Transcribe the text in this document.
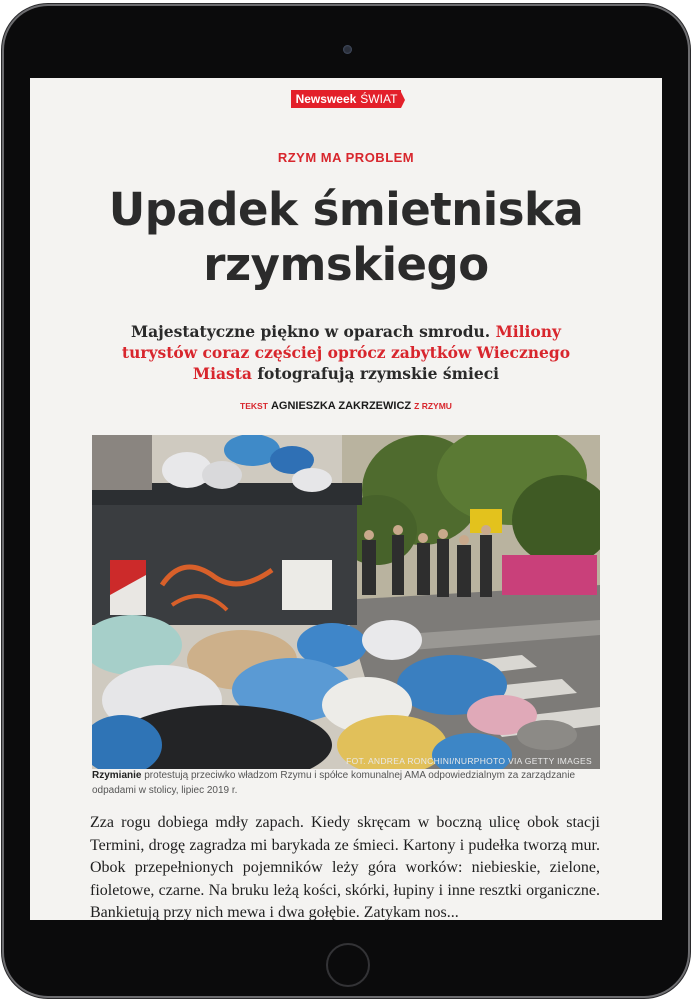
Newsweek ŚWIAT
RZYM MA PROBLEM
Upadek śmietniska
rzymskiego
Majestatyczne piękno w oparach smrodu. Miliony turystów coraz częściej oprócz zabytków Wiecznego Miasta fotografują rzymskie śmieci
TEKST AGNIESZKA ZAKRZEWICZ Z RZYMU
FOT. ANDREA RONCHINI/NURPHOTO VIA GETTY IMAGES
Rzymianie protestują przeciwko władzom Rzymu i spółce komunalnej AMA odpowiedzialnym za zarządzanie odpadami w stolicy, lipiec 2019 r.
Zza rogu dobiega mdły zapach. Kiedy skręcam w boczną ulicę obok stacji Termini, drogę zagradza mi barykada ze śmieci. Kartony i pudełka tworzą mur. Obok przepełnionych pojemników leży góra worków: niebieskie, zielone, fioletowe, czarne. Na bruku leżą kości, skórki, łupiny i inne resztki organiczne. Bankietują przy nich mewa i dwa gołębie. Zatykam nos...
